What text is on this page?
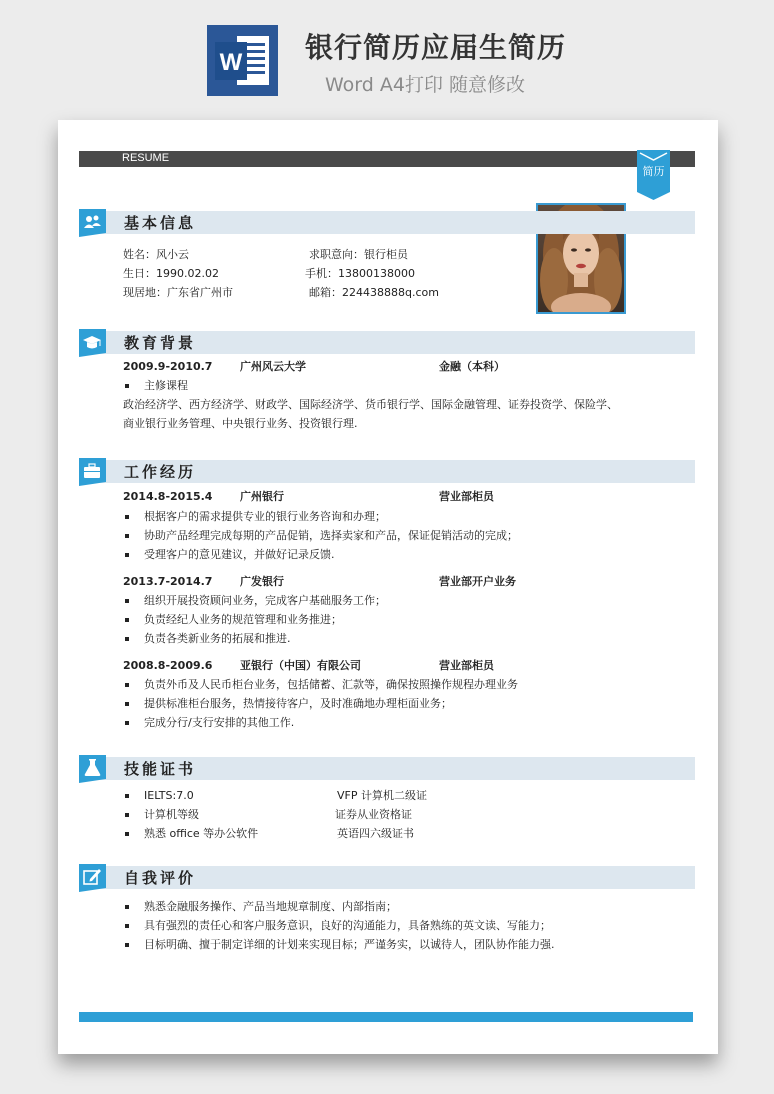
W 银行简历应届生简历
Word A4打印 随意修改
RESUME
简历
基本信息
姓名：风小云	求职意向：银行柜员
生日：1990.02.02	手机：13800138000
现居地：广东省广州市	邮箱：224438888q.com
教育背景
2009.9-2010.7	广州风云大学	金融（本科）
主修课程
政治经济学、西方经济学、财政学、国际经济学、货币银行学、国际金融管理、证券投资学、保险学、
商业银行业务管理、中央银行业务、投资银行理.
工作经历
2014.8-2015.4	广州银行	营业部柜员
根据客户的需求提供专业的银行业务咨询和办理；
协助产品经理完成每期的产品促销，选择卖家和产品，保证促销活动的完成；
受理客户的意见建议，并做好记录反馈.
2013.7-2014.7	广发银行	营业部开户业务
组织开展投资顾问业务，完成客户基础服务工作；
负责经纪人业务的规范管理和业务推进；
负责各类新业务的拓展和推进.
2008.8-2009.6	亚银行（中国）有限公司	营业部柜员
负责外币及人民币柜台业务，包括储蓄、汇款等，确保按照操作规程办理业务
提供标准柜台服务，热情接待客户，及时准确地办理柜面业务；
完成分行/支行安排的其他工作.
技能证书
IELTS:7.0	VFP 计算机二级证
计算机等级	证券从业资格证
熟悉 office 等办公软件	英语四六级证书
自我评价
熟悉金融服务操作、产品当地规章制度、内部指南；
具有强烈的责任心和客户服务意识，良好的沟通能力，具备熟练的英文读、写能力；
目标明确、擅于制定详细的计划来实现目标；严谨务实，以诚待人，团队协作能力强.
